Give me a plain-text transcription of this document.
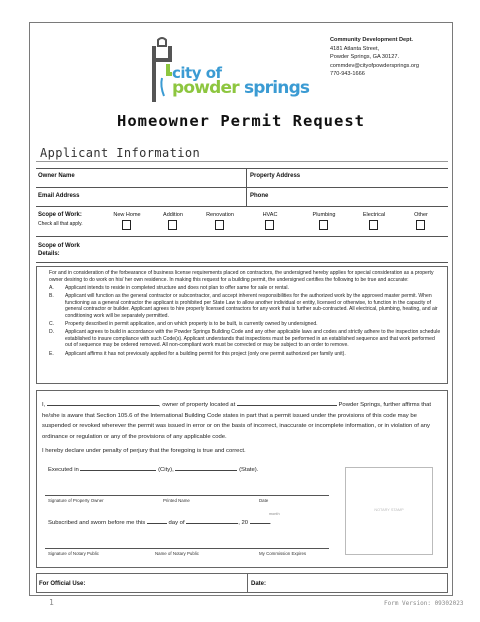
city of
powder springs
Community Development Dept.
4181 Atlanta Street,
Powder Springs, GA 30127.
commdev@cityofpowdersprings.org
770-943-1666
Homeowner Permit Request
Applicant Information
Owner Name	Property Address
Email Address	Phone
Scope of Work:
Check all that apply.
New Home	Addition	Renovation	HVAC	Plumbing	Electrical	Other
Scope of Work
Details:
For and in consideration of the forbearance of business license requirements placed on contractors, the undersigned hereby applies for special consideration as a property owner desiring to do work on his/ her own residence. In making this request for a building permit, the undersigned certifies the following to be true and accurate:
A. Applicant intends to reside in completed structure and does not plan to offer same for sale or rental.
B. Applicant will function as the general contractor or subcontractor, and accept inherent responsibilities for the authorized work by the approved master permit. When functioning as a general contractor the applicant is prohibited per State Law to allow another individual or entity, licensed or otherwise, to function in the capacity of general contractor or builder. Applicant agrees to hire properly licensed contractors for any work that is further sub-contracted. All electrical, plumbing, heating, and air conditioning work will be separately permitted.
C. Property described in permit application, and on which property is to be built, is currently owned by undersigned.
D. Applicant agrees to build in accordance with the Powder Springs Building Code and any other applicable laws and codes and strictly adhere to the inspection schedule established to insure compliance with such Code(s). Applicant understands that inspections must be performed in an established sequence and that work performed out of sequence may be ordered removed. All non-compliant work must be corrected or may be subject to an order to remove.
E. Applicant affirms it has not previously applied for a building permit for this project (only one permit authorized per family unit).
I,	, owner of property located at	Powder Springs, further affirms that he/she is aware that Section 105.6 of the International Building Code states in part that a permit issued under the provisions of this code may be suspended or revoked wherever the permit was issued in error or on the basis of incorrect, inaccurate or incomplete information, or in violation of any ordinance or regulation or any of the provisions of any applicable code.
I hereby declare under penalty of perjury that the foregoing is true and correct.
Executed in	(City),	(State).
Signature of Property Owner	Printed Name	Date
Subscribed and sworn before me this	day of	, 20	.
month
Signature of Notary Public	Name of Notary Public	My Commission Expires
NOTARY STAMP
For Official Use:	Date:
1	Form Version: 09302023
